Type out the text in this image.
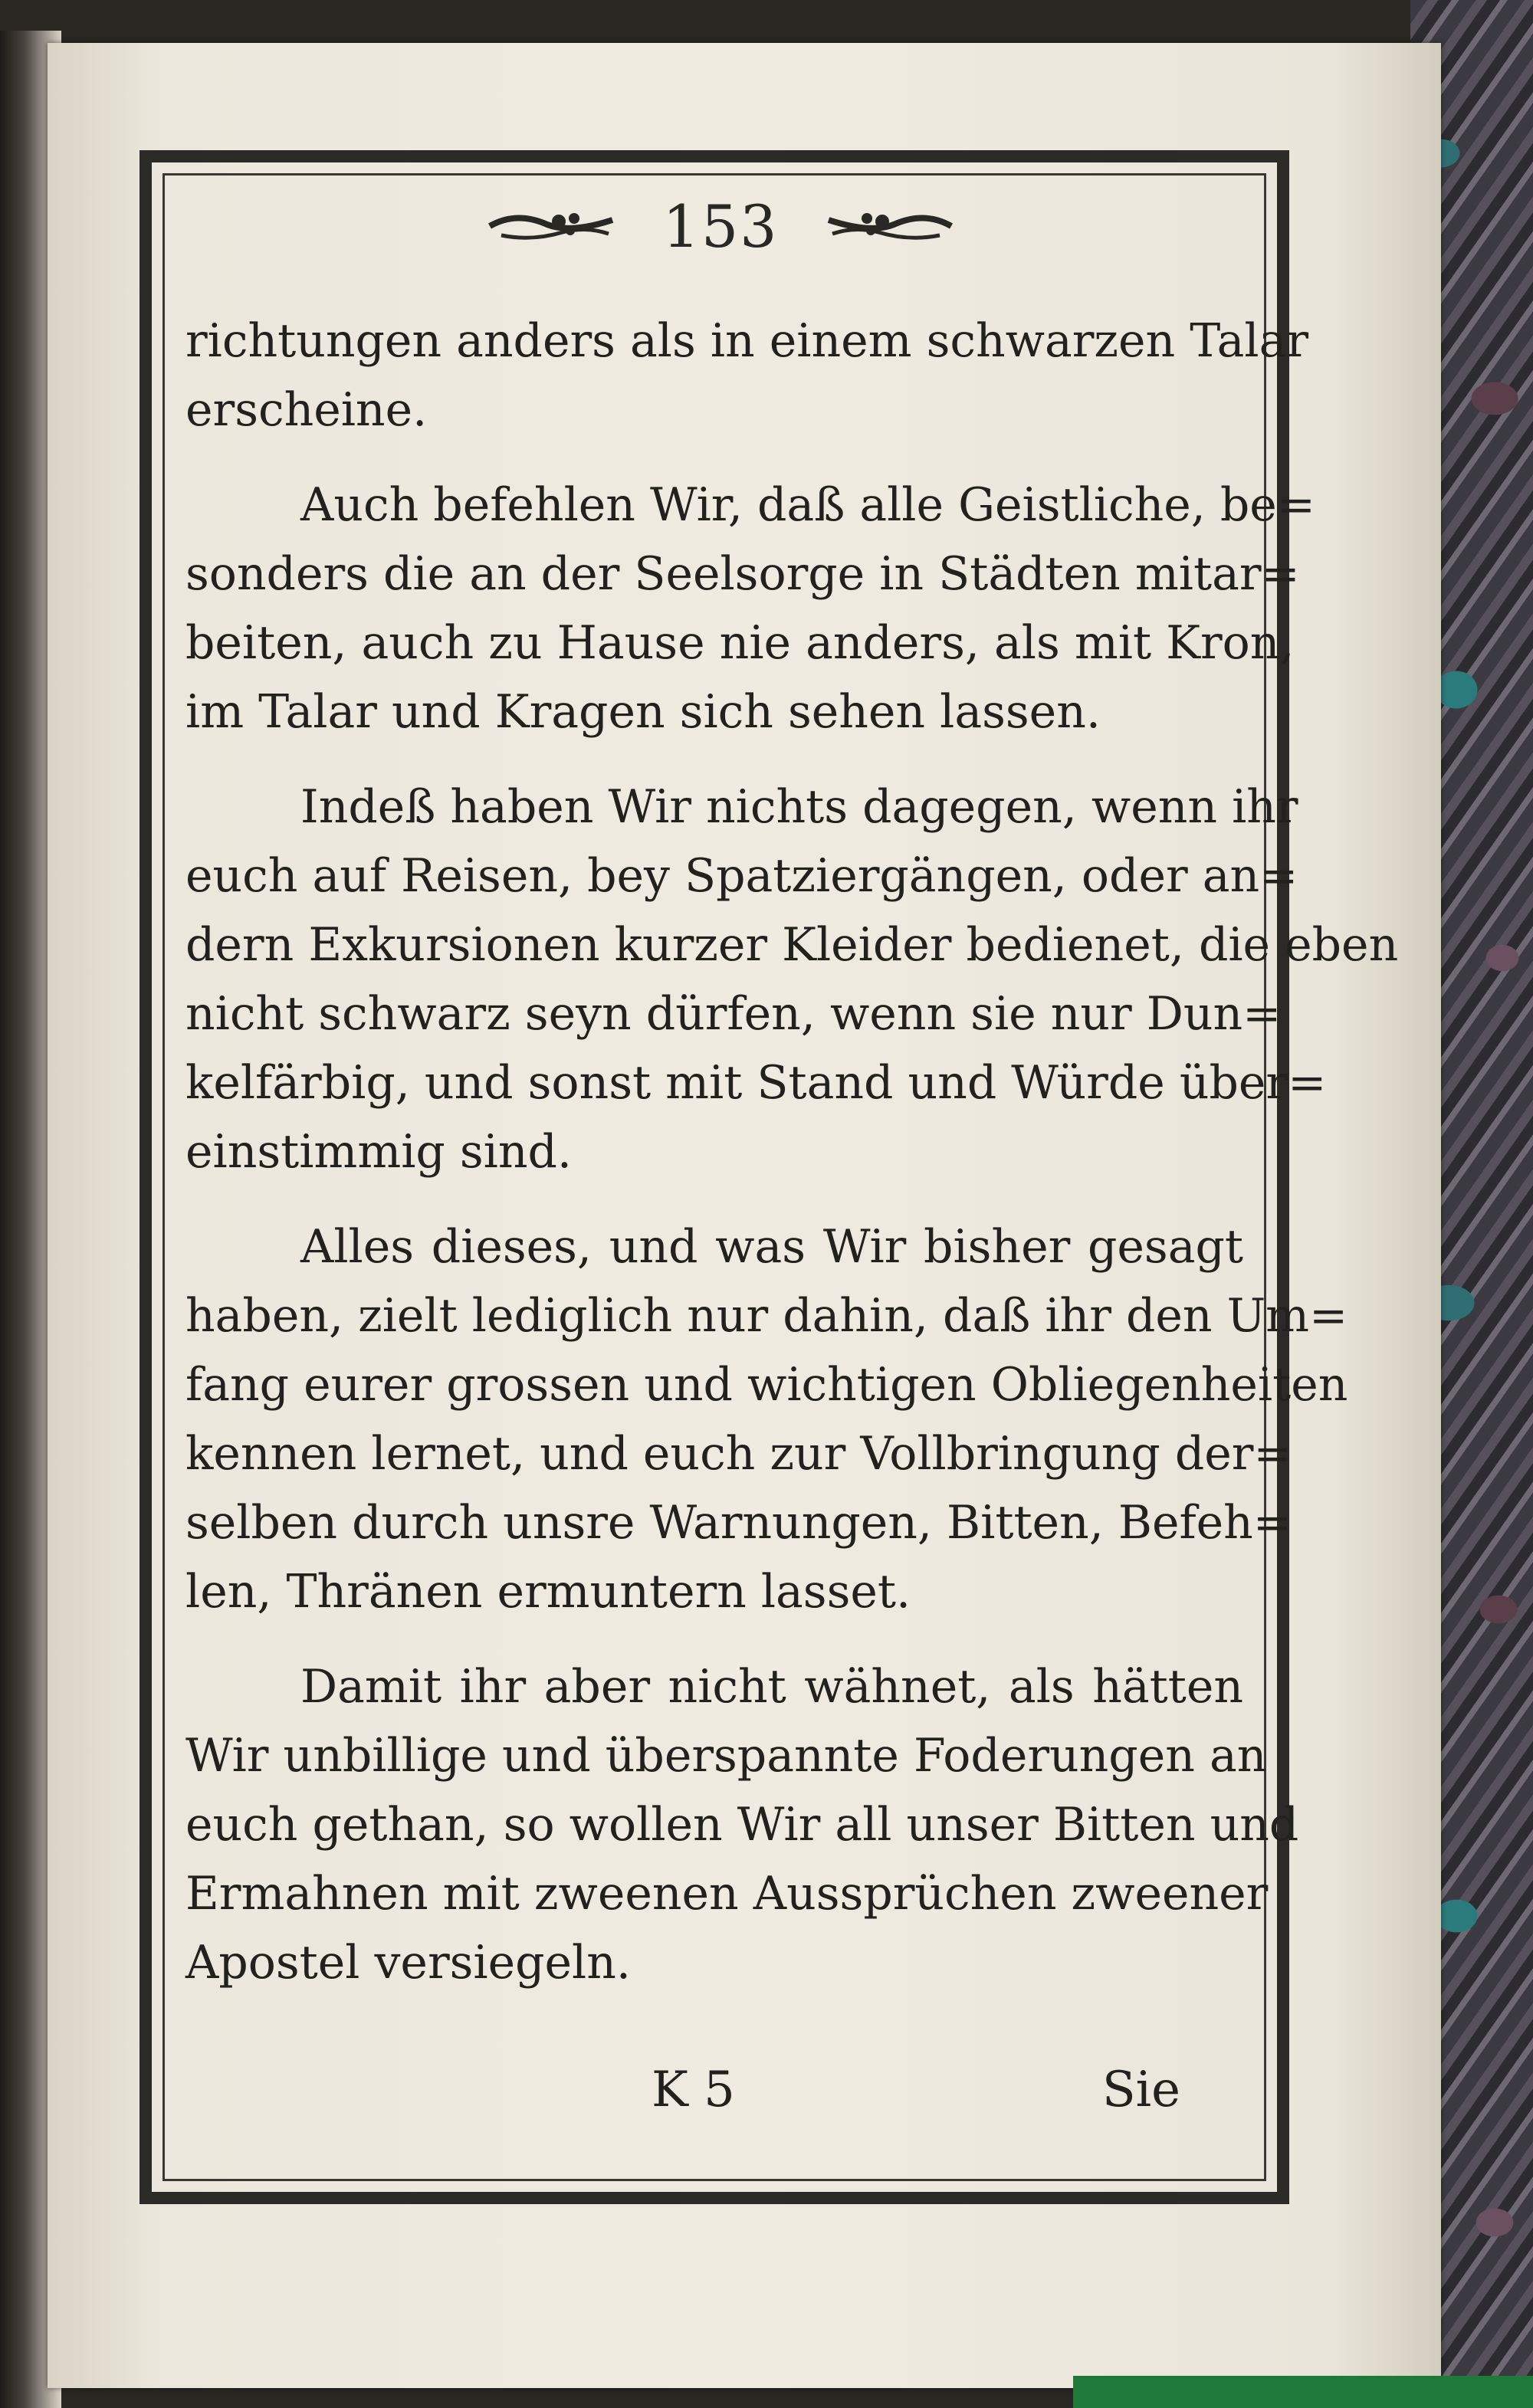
153
richtungen anders als in einem schwarzen Talar
erscheine.
Auch befehlen Wir, daß alle Geistliche, be=
sonders die an der Seelsorge in Städten mitar=
beiten, auch zu Hause nie anders, als mit Kron,
im Talar und Kragen sich sehen lassen.
Indeß haben Wir nichts dagegen, wenn ihr
euch auf Reisen, bey Spatziergängen, oder an=
dern Exkursionen kurzer Kleider bedienet, die eben
nicht schwarz seyn dürfen, wenn sie nur Dun=
kelfärbig, und sonst mit Stand und Würde über=
einstimmig sind.
Alles dieses, und was Wir bisher gesagt
haben, zielt lediglich nur dahin, daß ihr den Um=
fang eurer grossen und wichtigen Obliegenheiten
kennen lernet, und euch zur Vollbringung der=
selben durch unsre Warnungen, Bitten, Befeh=
len, Thränen ermuntern lasset.
Damit ihr aber nicht wähnet, als hätten
Wir unbillige und überspannte Foderungen an
euch gethan, so wollen Wir all unser Bitten und
Ermahnen mit zweenen Aussprüchen zweener
Apostel versiegeln.
K 5	Sie
